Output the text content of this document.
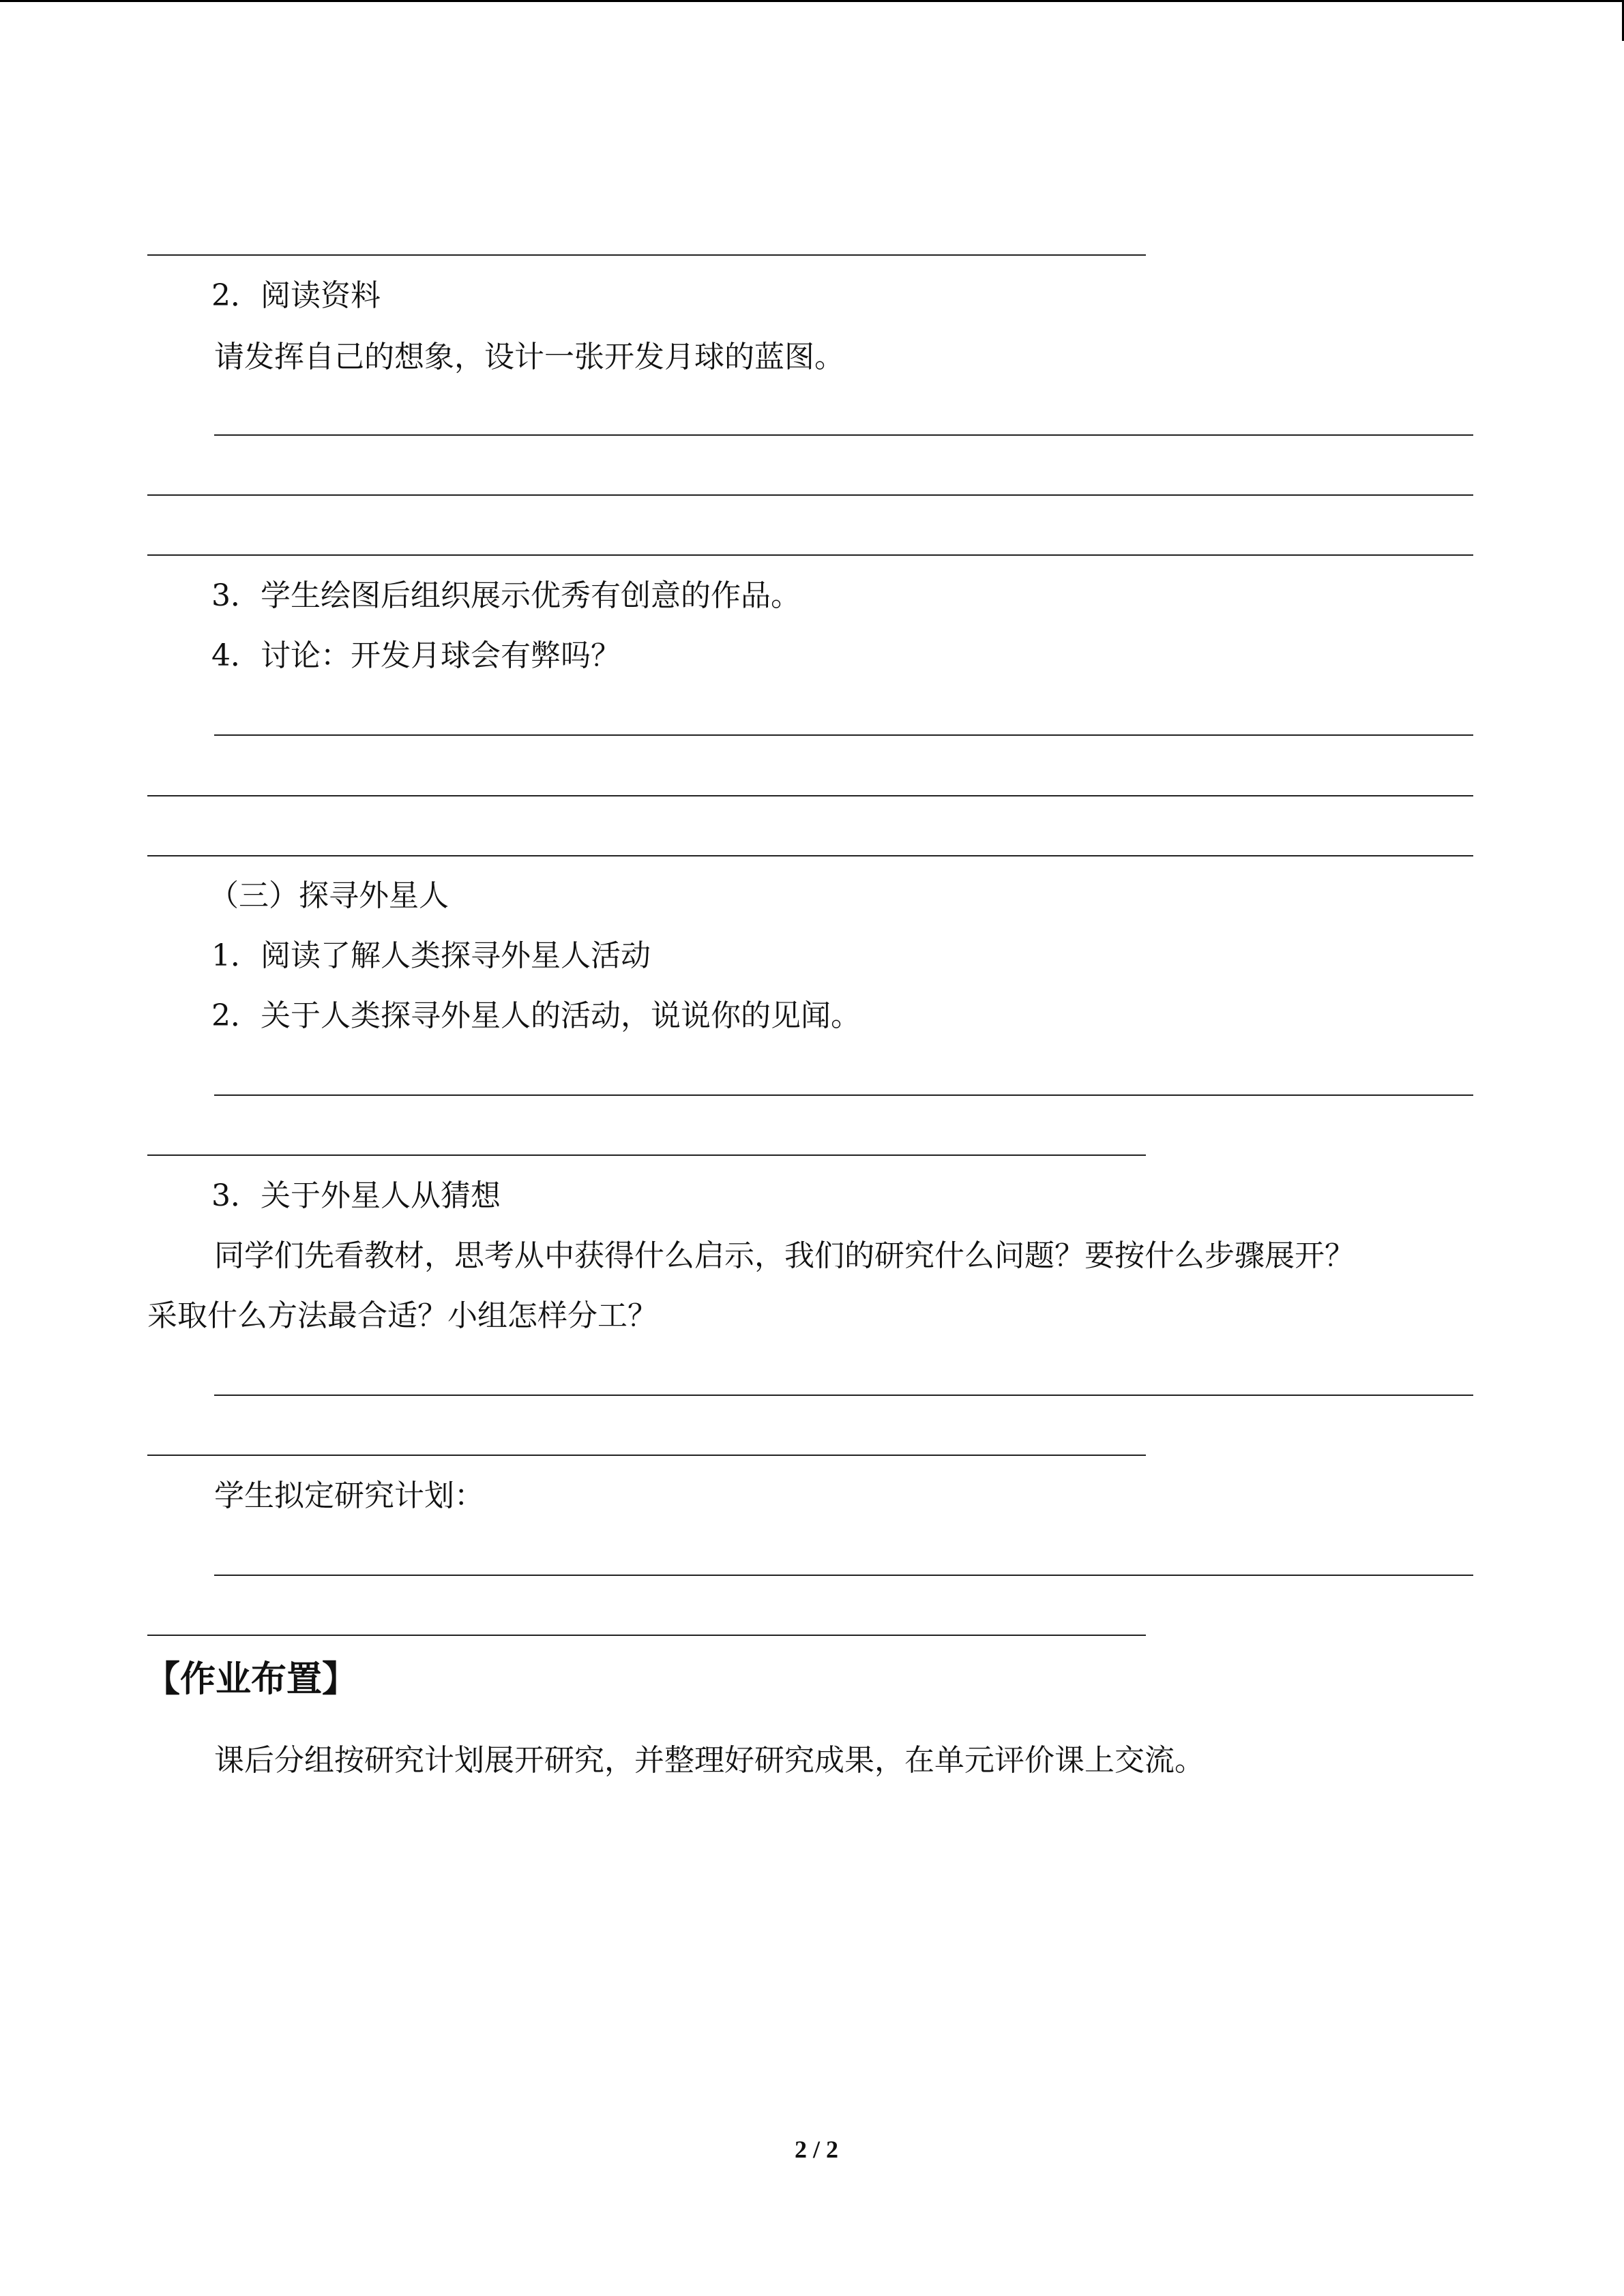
2．阅读资料
请发挥自己的想象，设计一张开发月球的蓝图。
3．学生绘图后组织展示优秀有创意的作品。
4．讨论：开发月球会有弊吗？
（三）探寻外星人
1．阅读了解人类探寻外星人活动
2．关于人类探寻外星人的活动，说说你的见闻。
3．关于外星人从猜想
同学们先看教材，思考从中获得什么启示，我们的研究什么问题？要按什么步骤展开？
采取什么方法最合适？小组怎样分工？
学生拟定研究计划：
【作业布置】
课后分组按研究计划展开研究，并整理好研究成果，在单元评价课上交流。
2 / 2
